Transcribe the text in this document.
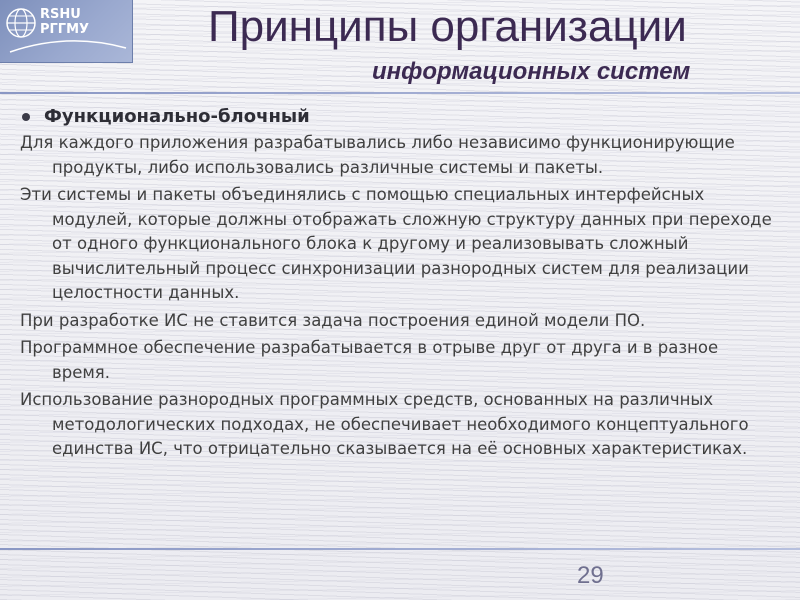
RSHU
РГГМУ	Принципы организации
информационных систем
Функционально-блочный

Для каждого приложения разрабатывались либо независимо функционирующие продукты, либо использовались различные системы и пакеты.

Эти системы и пакеты объединялись с помощью специальных интерфейсных модулей, которые должны отображать сложную структуру данных при переходе от одного функционального блока к другому и реализовывать сложный вычислительный процесс синхронизации разнородных систем для реализации целостности данных.

При разработке ИС не ставится задача построения единой модели ПО.

Программное обеспечение разрабатывается в отрыве друг от друга и в разное время.

Использование разнородных программных средств, основанных на различных методологических подходах, не обеспечивает необходимого концептуального единства ИС, что отрицательно сказывается на её основных характеристиках.

29
